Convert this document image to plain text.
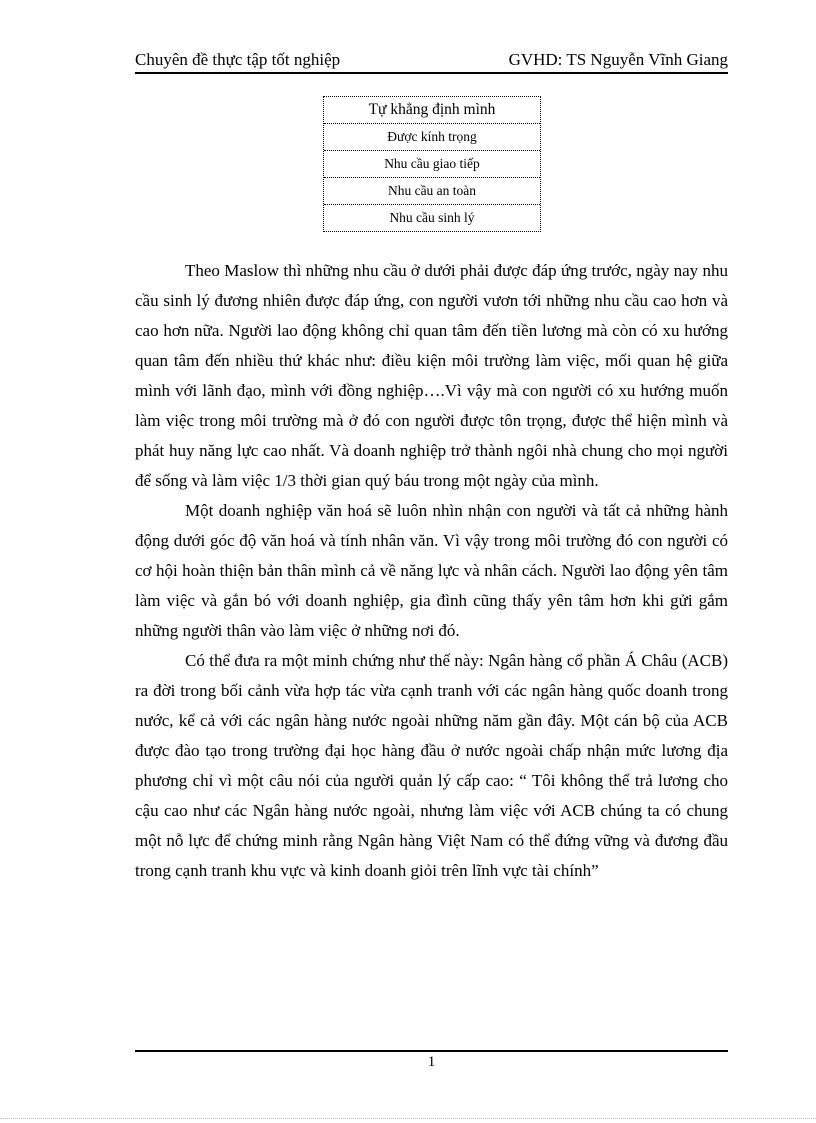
Chuyên đề thực tập tốt nghiệp	GVHD: TS Nguyễn Vĩnh Giang
Tự khẳng định mình
Được kính trọng
Nhu cầu giao tiếp
Nhu cầu an toàn
Nhu cầu sinh lý

Theo Maslow thì những nhu cầu ở dưới phải được đáp ứng trước, ngày nay nhu cầu sinh lý đương nhiên được đáp ứng, con người vươn tới những nhu cầu cao hơn và cao hơn nữa. Người lao động không chỉ quan tâm đến tiền lương mà còn có xu hướng quan tâm đến nhiều thứ khác như: điều kiện môi trường làm việc, mối quan hệ giữa mình với lãnh đạo, mình với đồng nghiệp….Vì vậy mà con người có xu hướng muốn làm việc trong môi trường mà ở đó con người được tôn trọng, được thể hiện mình và phát huy năng lực cao nhất. Và doanh nghiệp trở thành ngôi nhà chung cho mọi người để sống và làm việc 1/3 thời gian quý báu trong một ngày của mình.

Một doanh nghiệp văn hoá sẽ luôn nhìn nhận con người và tất cả những hành động dưới góc độ văn hoá và tính nhân văn. Vì vậy trong môi trường đó con người có cơ hội hoàn thiện bản thân mình cả về năng lực và nhân cách. Người lao động yên tâm làm việc và gắn bó với doanh nghiệp, gia đình cũng thấy yên tâm hơn khi gửi gắm những người thân vào làm việc ở những nơi đó.

Có thể đưa ra một minh chứng như thế này: Ngân hàng cổ phần Á Châu (ACB) ra đời trong bối cảnh vừa hợp tác vừa cạnh tranh với các ngân hàng quốc doanh trong nước, kể cả với các ngân hàng nước ngoài những năm gần đây. Một cán bộ của ACB được đào tạo trong trường đại học hàng đầu ở nước ngoài chấp nhận mức lương địa phương chỉ vì một câu nói của người quản lý cấp cao: “ Tôi không thể trả lương cho cậu cao như các Ngân hàng nước ngoài, nhưng làm việc với ACB chúng ta có chung một nỗ lực để chứng minh rằng Ngân hàng Việt Nam có thể đứng vững và đương đầu trong cạnh tranh khu vực và kinh doanh giỏi trên lĩnh vực tài chính”

1
